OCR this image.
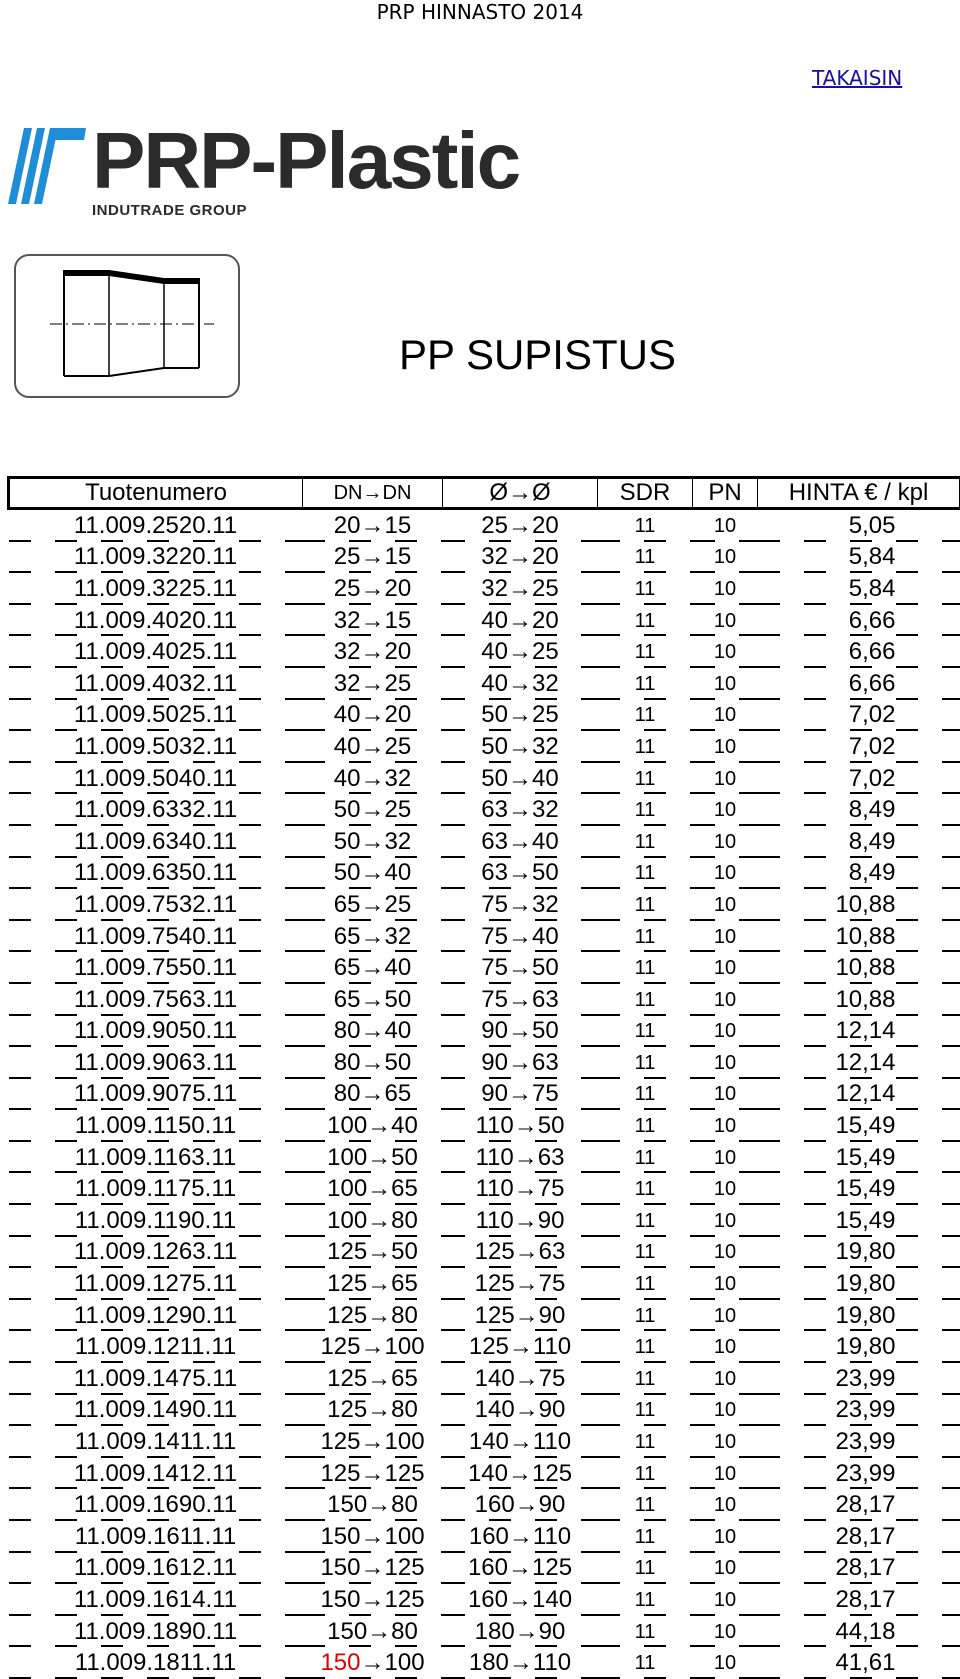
PRP HINNASTO 2014
TAKAISIN
PRP-Plastic
INDUTRADE GROUP
PP SUPISTUS
Tuotenumero	DN→DN	Ø→Ø	SDR	PN	HINTA € / kpl
11.009.2520.11	20→15	25→20	11	10	5,05
11.009.3220.11	25→15	32→20	11	10	5,84
11.009.3225.11	25→20	32→25	11	10	5,84
11.009.4020.11	32→15	40→20	11	10	6,66
11.009.4025.11	32→20	40→25	11	10	6,66
11.009.4032.11	32→25	40→32	11	10	6,66
11.009.5025.11	40→20	50→25	11	10	7,02
11.009.5032.11	40→25	50→32	11	10	7,02
11.009.5040.11	40→32	50→40	11	10	7,02
11.009.6332.11	50→25	63→32	11	10	8,49
11.009.6340.11	50→32	63→40	11	10	8,49
11.009.6350.11	50→40	63→50	11	10	8,49
11.009.7532.11	65→25	75→32	11	10	10,88
11.009.7540.11	65→32	75→40	11	10	10,88
11.009.7550.11	65→40	75→50	11	10	10,88
11.009.7563.11	65→50	75→63	11	10	10,88
11.009.9050.11	80→40	90→50	11	10	12,14
11.009.9063.11	80→50	90→63	11	10	12,14
11.009.9075.11	80→65	90→75	11	10	12,14
11.009.1150.11	100→40	110→50	11	10	15,49
11.009.1163.11	100→50	110→63	11	10	15,49
11.009.1175.11	100→65	110→75	11	10	15,49
11.009.1190.11	100→80	110→90	11	10	15,49
11.009.1263.11	125→50	125→63	11	10	19,80
11.009.1275.11	125→65	125→75	11	10	19,80
11.009.1290.11	125→80	125→90	11	10	19,80
11.009.1211.11	125→100	125→110	11	10	19,80
11.009.1475.11	125→65	140→75	11	10	23,99
11.009.1490.11	125→80	140→90	11	10	23,99
11.009.1411.11	125→100	140→110	11	10	23,99
11.009.1412.11	125→125	140→125	11	10	23,99
11.009.1690.11	150→80	160→90	11	10	28,17
11.009.1611.11	150→100	160→110	11	10	28,17
11.009.1612.11	150→125	160→125	11	10	28,17
11.009.1614.11	150→125	160→140	11	10	28,17
11.009.1890.11	150→80	180→90	11	10	44,18
11.009.1811.11	150→100	180→110	11	10	41,61
